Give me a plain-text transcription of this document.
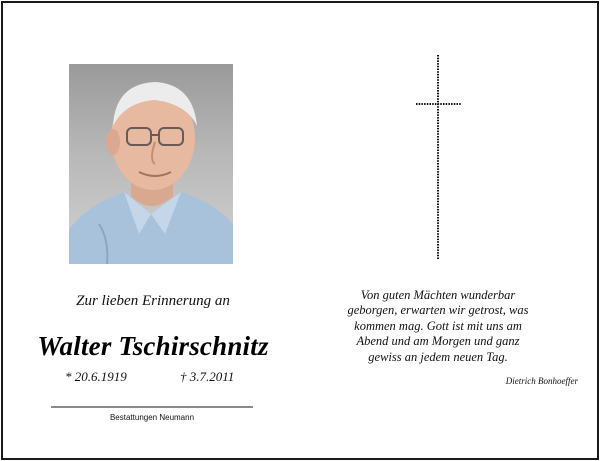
Zur lieben Erinnerung an
Walter Tschirschnitz
* 20.6.1919	† 3.7.2011
Bestattungen Neumann
Von guten Mächten wunderbar
geborgen, erwarten wir getrost, was
kommen mag. Gott ist mit uns am
Abend und am Morgen und ganz
gewiss an jedem neuen Tag.
Dietrich Bonhoeffer
